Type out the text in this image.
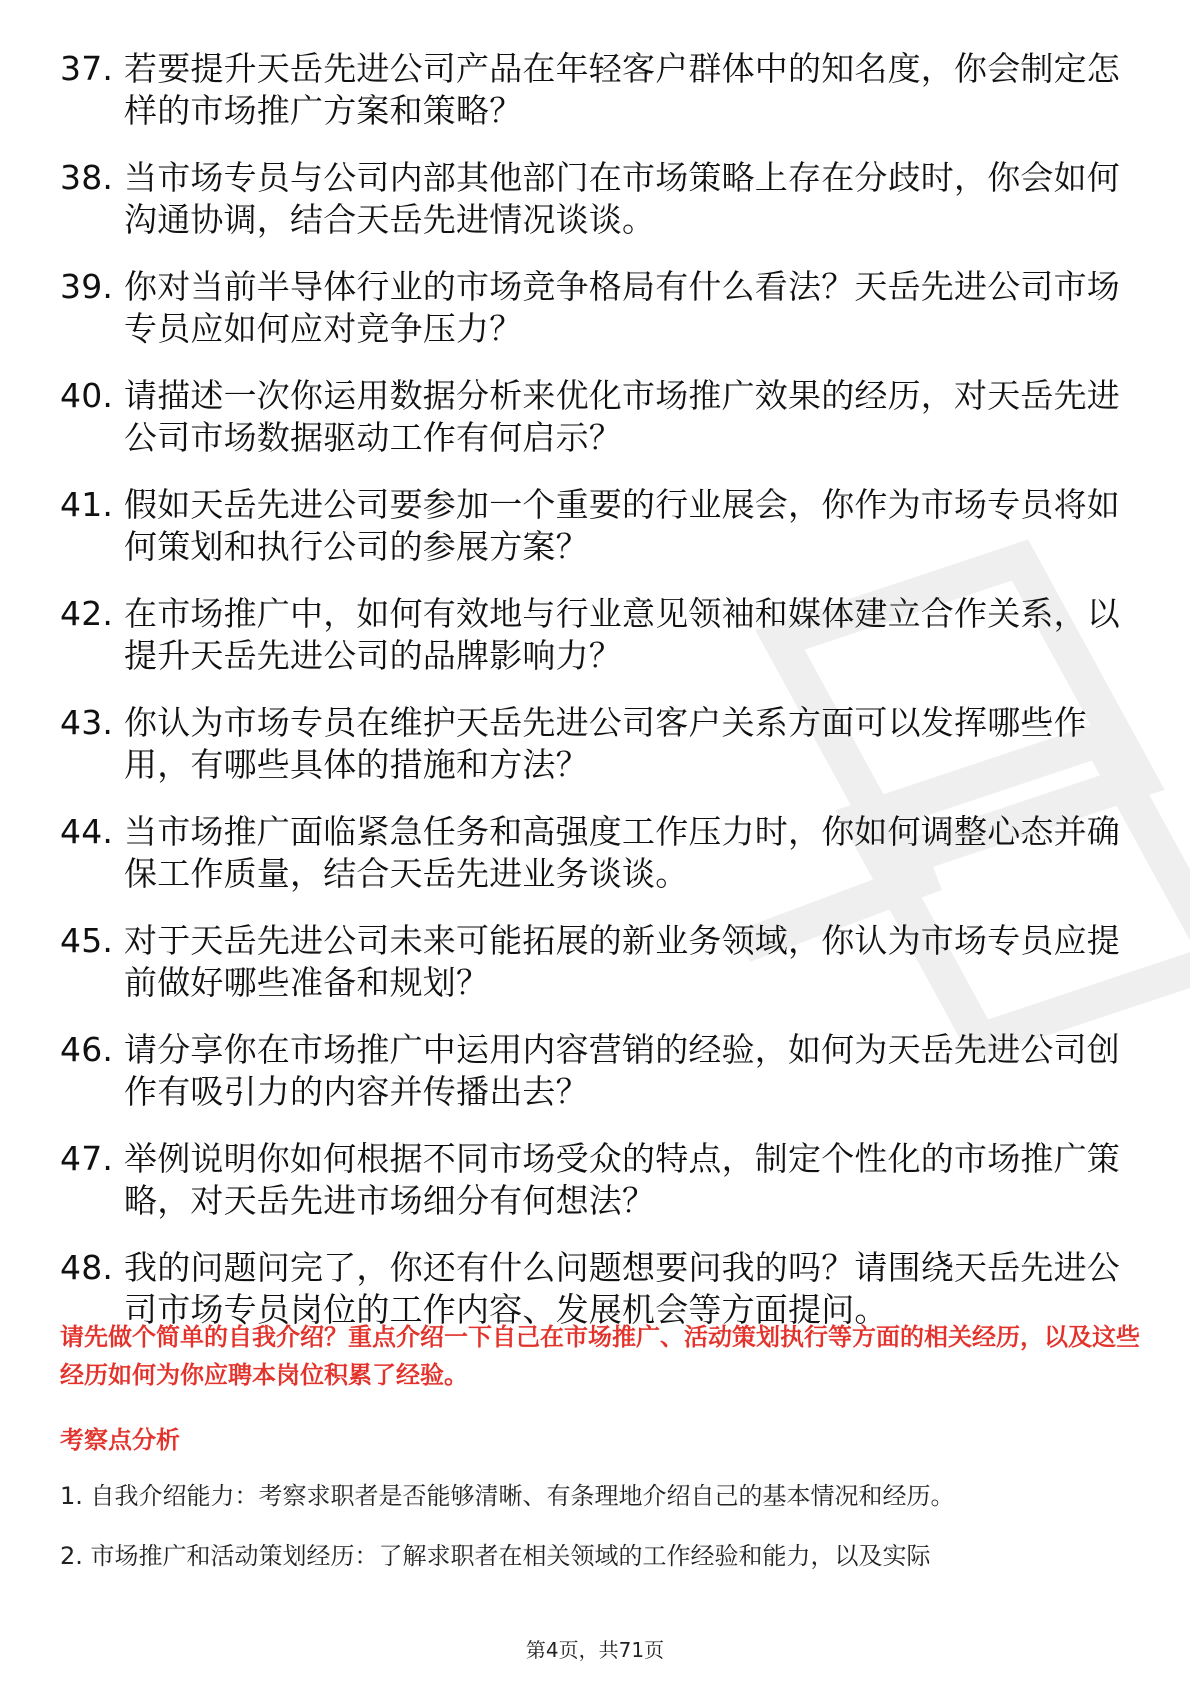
37. 若要提升天岳先进公司产品在年轻客户群体中的知名度，你会制定怎样的市场推广方案和策略？
38. 当市场专员与公司内部其他部门在市场策略上存在分歧时，你会如何沟通协调，结合天岳先进情况谈谈。
39. 你对当前半导体行业的市场竞争格局有什么看法？天岳先进公司市场专员应如何应对竞争压力？
40. 请描述一次你运用数据分析来优化市场推广效果的经历，对天岳先进公司市场数据驱动工作有何启示？
41. 假如天岳先进公司要参加一个重要的行业展会，你作为市场专员将如何策划和执行公司的参展方案？
42. 在市场推广中，如何有效地与行业意见领袖和媒体建立合作关系，以提升天岳先进公司的品牌影响力？
43. 你认为市场专员在维护天岳先进公司客户关系方面可以发挥哪些作用，有哪些具体的措施和方法？
44. 当市场推广面临紧急任务和高强度工作压力时，你如何调整心态并确保工作质量，结合天岳先进业务谈谈。
45. 对于天岳先进公司未来可能拓展的新业务领域，你认为市场专员应提前做好哪些准备和规划？
46. 请分享你在市场推广中运用内容营销的经验，如何为天岳先进公司创作有吸引力的内容并传播出去？
47. 举例说明你如何根据不同市场受众的特点，制定个性化的市场推广策略，对天岳先进市场细分有何想法？
48. 我的问题问完了，你还有什么问题想要问我的吗？请围绕天岳先进公司市场专员岗位的工作内容、发展机会等方面提问。
请先做个简单的自我介绍？重点介绍一下自己在市场推广、活动策划执行等方面的相关经历，以及这些经历如何为你应聘本岗位积累了经验。
考察点分析

1. 自我介绍能力：考察求职者是否能够清晰、有条理地介绍自己的基本情况和经历。

2. 市场推广和活动策划经历：了解求职者在相关领域的工作经验和能力，以及实际

第4页，共71页
